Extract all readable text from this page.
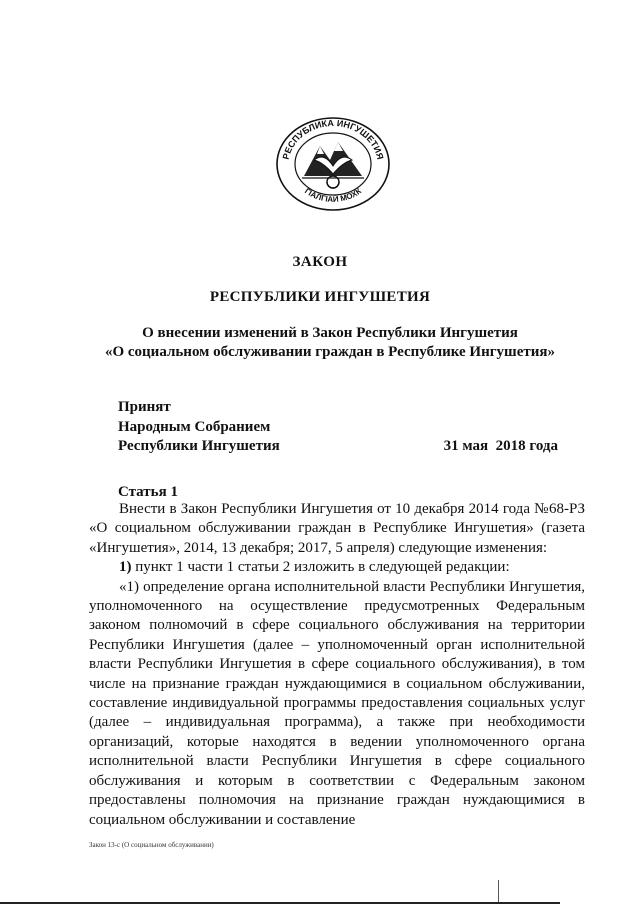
РЕСПУБЛИКА ИНГУШЕТИЯ
ГӀАЛГӀАЙ МОХК
ЗАКОН
РЕСПУБЛИКИ ИНГУШЕТИЯ
О внесении изменений в Закон Республики Ингушетия
«О социальном обслуживании граждан в Республике Ингушетия»
Принят
Народным Собранием
Республики Ингушетия	31 мая  2018 года
Статья 1

Внести в Закон Республики Ингушетия от 10 декабря 2014 года №68-РЗ «О социальном обслуживании граждан в Республике Ингушетия» (газета «Ингушетия», 2014, 13 декабря; 2017, 5 апреля) следующие изменения:

1) пункт 1 части 1 статьи 2 изложить в следующей редакции:

«1) определение органа исполнительной власти Республики Ингушетия, уполномоченного на осуществление предусмотренных Федеральным законом полномочий в сфере социального обслуживания на территории Республики Ингушетия (далее – уполномоченный орган исполнительной власти Республики Ингушетия в сфере социального обслуживания), в том числе на признание граждан нуждающимися в социальном обслуживании, составление индивидуальной программы предоставления социальных услуг (далее – индивидуальная программа), а также при необходимости организаций, которые находятся в ведении уполномоченного органа исполнительной власти Республики Ингушетия в сфере социального обслуживания и которым в соответствии с Федеральным законом предоставлены полномочия на признание граждан нуждающимися в социальном обслуживании и составление

Закон 13-с (О социальном обслуживании)
